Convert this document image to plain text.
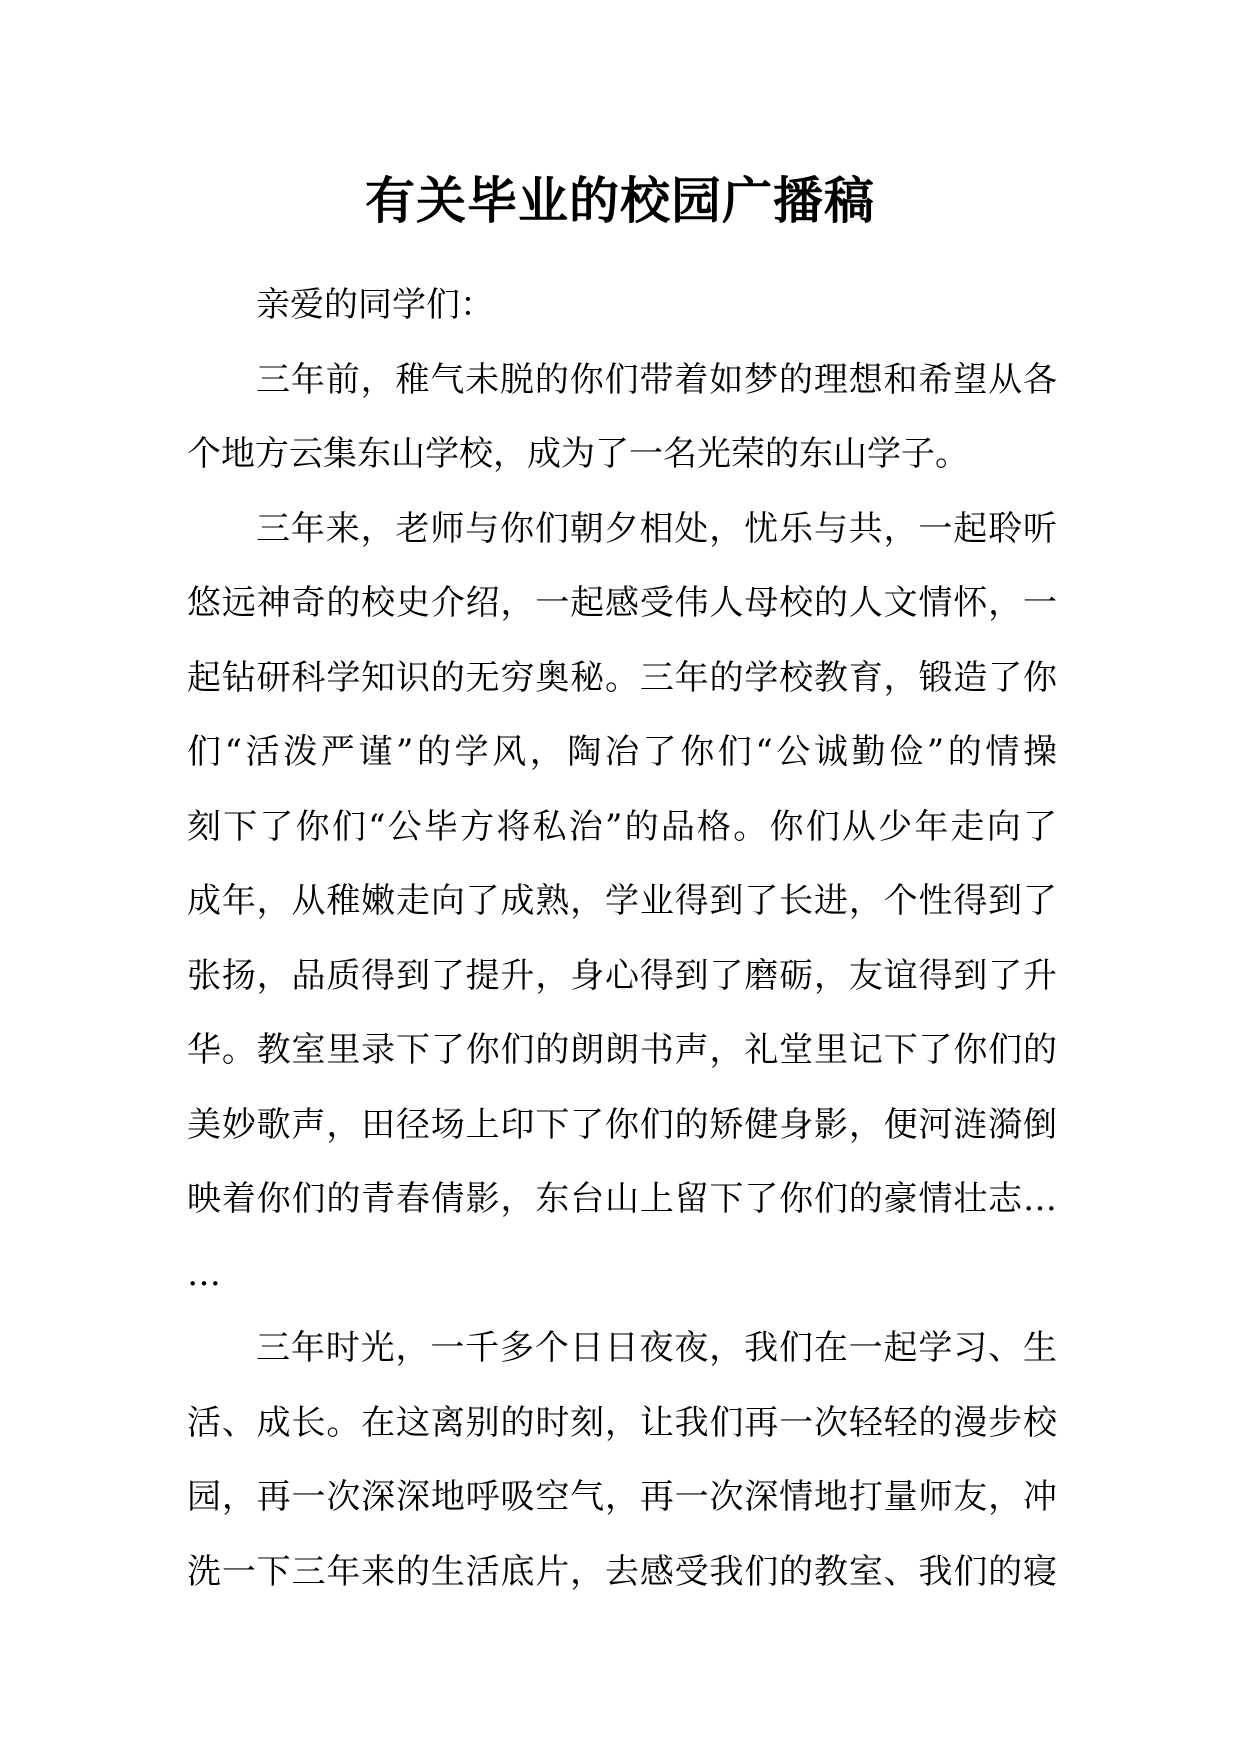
有关毕业的校园广播稿
亲爱的同学们：
三年前，稚气未脱的你们带着如梦的理想和希望从各
个地方云集东山学校，成为了一名光荣的东山学子。
三年来，老师与你们朝夕相处，忧乐与共，一起聆听
悠远神奇的校史介绍，一起感受伟人母校的人文情怀，一
起钻研科学知识的无穷奥秘。三年的学校教育，锻造了你
们“活泼严谨”的学风，陶冶了你们“公诚勤俭”的情操
刻下了你们“公毕方将私治”的品格。你们从少年走向了
成年，从稚嫩走向了成熟，学业得到了长进，个性得到了
张扬，品质得到了提升，身心得到了磨砺，友谊得到了升
华。教室里录下了你们的朗朗书声，礼堂里记下了你们的
美妙歌声，田径场上印下了你们的矫健身影，便河涟漪倒
映着你们的青春倩影，东台山上留下了你们的豪情壮志…
…
三年时光，一千多个日日夜夜，我们在一起学习、生
活、成长。在这离别的时刻，让我们再一次轻轻的漫步校
园，再一次深深地呼吸空气，再一次深情地打量师友，冲
洗一下三年来的生活底片，去感受我们的教室、我们的寝
